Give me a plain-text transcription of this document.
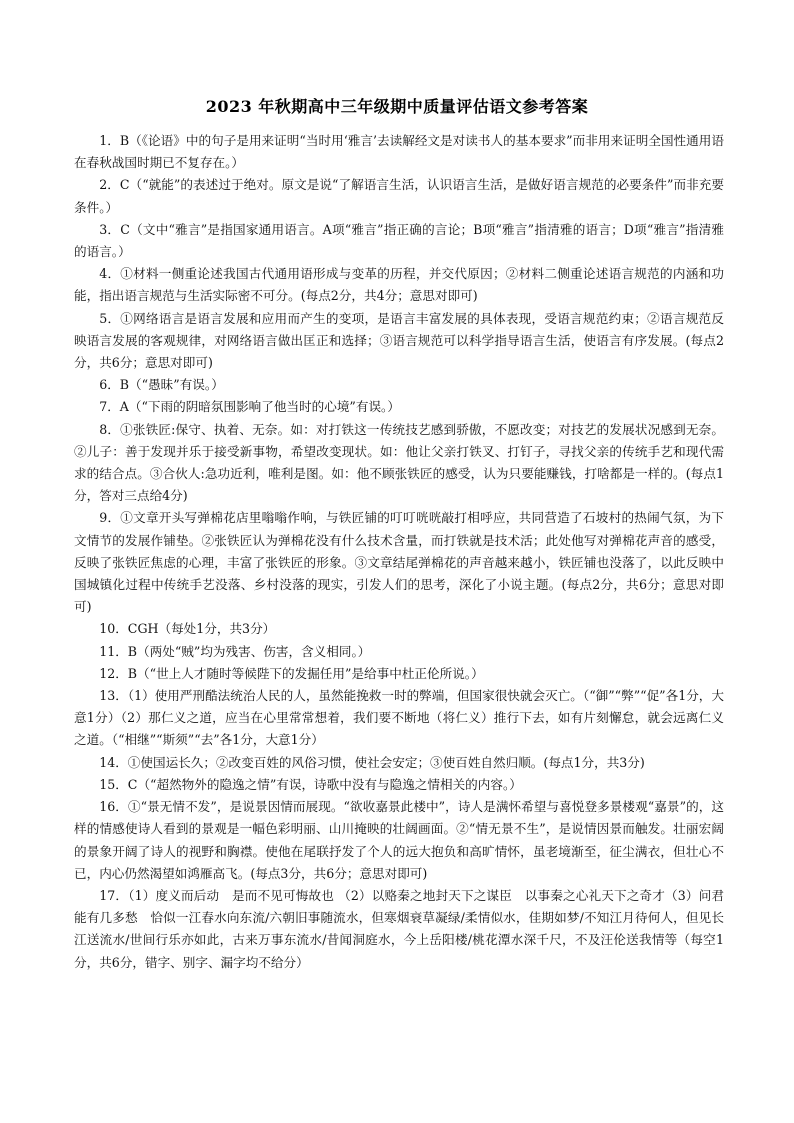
2023 年秋期高中三年级期中质量评估语文参考答案

1．B（《论语》中的句子是用来证明“当时用‘雅言’去读解经文是对读书人的基本要求”而非用来证明全国性通用语在春秋战国时期已不复存在。）

2．C（“就能”的表述过于绝对。原文是说“了解语言生活，认识语言生活，是做好语言规范的必要条件”而非充要条件。）

3．C（文中“雅言”是指国家通用语言。A项“雅言”指正确的言论；B项“雅言”指清雅的语言；D项“雅言”指清雅的语言。）

4．①材料一侧重论述我国古代通用语形成与变革的历程，并交代原因；②材料二侧重论述语言规范的内涵和功能，指出语言规范与生活实际密不可分。(每点2分，共4分；意思对即可)

5．①网络语言是语言发展和应用而产生的变项，是语言丰富发展的具体表现，受语言规范约束；②语言规范反映语言发展的客观规律，对网络语言做出匡正和选择；③语言规范可以科学指导语言生活，使语言有序发展。(每点2分，共6分；意思对即可)

6．B（“愚昧”有误。）

7．A（“下雨的阴暗氛围影响了他当时的心境”有误。）

8．①张铁匠:保守、执着、无奈。如：对打铁这一传统技艺感到骄傲，不愿改变；对技艺的发展状况感到无奈。②儿子：善于发现并乐于接受新事物，希望改变现状。如：他让父亲打铁叉、打钉子，寻找父亲的传统手艺和现代需求的结合点。③合伙人:急功近利，唯利是图。如：他不顾张铁匠的感受，认为只要能赚钱，打啥都是一样的。(每点1分，答对三点给4分)

9．①文章开头写弹棉花店里嗡嗡作响，与铁匠铺的叮叮咣咣敲打相呼应，共同营造了石坡村的热闹气氛，为下文情节的发展作铺垫。②张铁匠认为弹棉花没有什么技术含量，而打铁就是技术活；此处他写对弹棉花声音的感受，反映了张铁匠焦虑的心理，丰富了张铁匠的形象。③文章结尾弹棉花的声音越来越小，铁匠铺也没落了，以此反映中国城镇化过程中传统手艺没落、乡村没落的现实，引发人们的思考，深化了小说主题。(每点2分，共6分；意思对即可)

10．CGH（每处1分，共3分）

11．B（两处“贼”均为残害、伤害，含义相同。）

12．B（“世上人才随时等候陛下的发掘任用”是给事中杜正伦所说。）

13．（1）使用严刑酷法统治人民的人，虽然能挽救一时的弊端，但国家很快就会灭亡。（“御”“弊”“促”各1分，大意1分）（2）那仁义之道，应当在心里常常想着，我们要不断地（将仁义）推行下去，如有片刻懈怠，就会远离仁义之道。（“相继”“斯须”“去”各1分，大意1分）

14．①使国运长久；②改变百姓的风俗习惯，使社会安定；③使百姓自然归顺。(每点1分，共3分)

15．C（“超然物外的隐逸之情”有误，诗歌中没有与隐逸之情相关的内容。）

16．①“景无情不发”，是说景因情而展现。“欲收嘉景此楼中”，诗人是满怀希望与喜悦登多景楼观“嘉景”的，这样的情感使诗人看到的景观是一幅色彩明丽、山川掩映的壮阔画面。②“情无景不生”，是说情因景而触发。壮丽宏阔的景象开阔了诗人的视野和胸襟。使他在尾联抒发了个人的远大抱负和高旷情怀，虽老境渐至，征尘满衣，但壮心不已，内心仍然渴望如鸿雁高飞。(每点3分，共6分；意思对即可)

17．（1）度义而后动　是而不见可悔故也 （2）以赂秦之地封天下之谋臣　以事秦之心礼天下之奇才（3）问君能有几多愁　恰似一江春水向东流/六朝旧事随流水，但寒烟衰草凝绿/柔情似水，佳期如梦/不知江月待何人，但见长江送流水/世间行乐亦如此，古来万事东流水/昔闻洞庭水，今上岳阳楼/桃花潭水深千尺，不及汪伦送我情等（每空1分，共6分，错字、别字、漏字均不给分）
